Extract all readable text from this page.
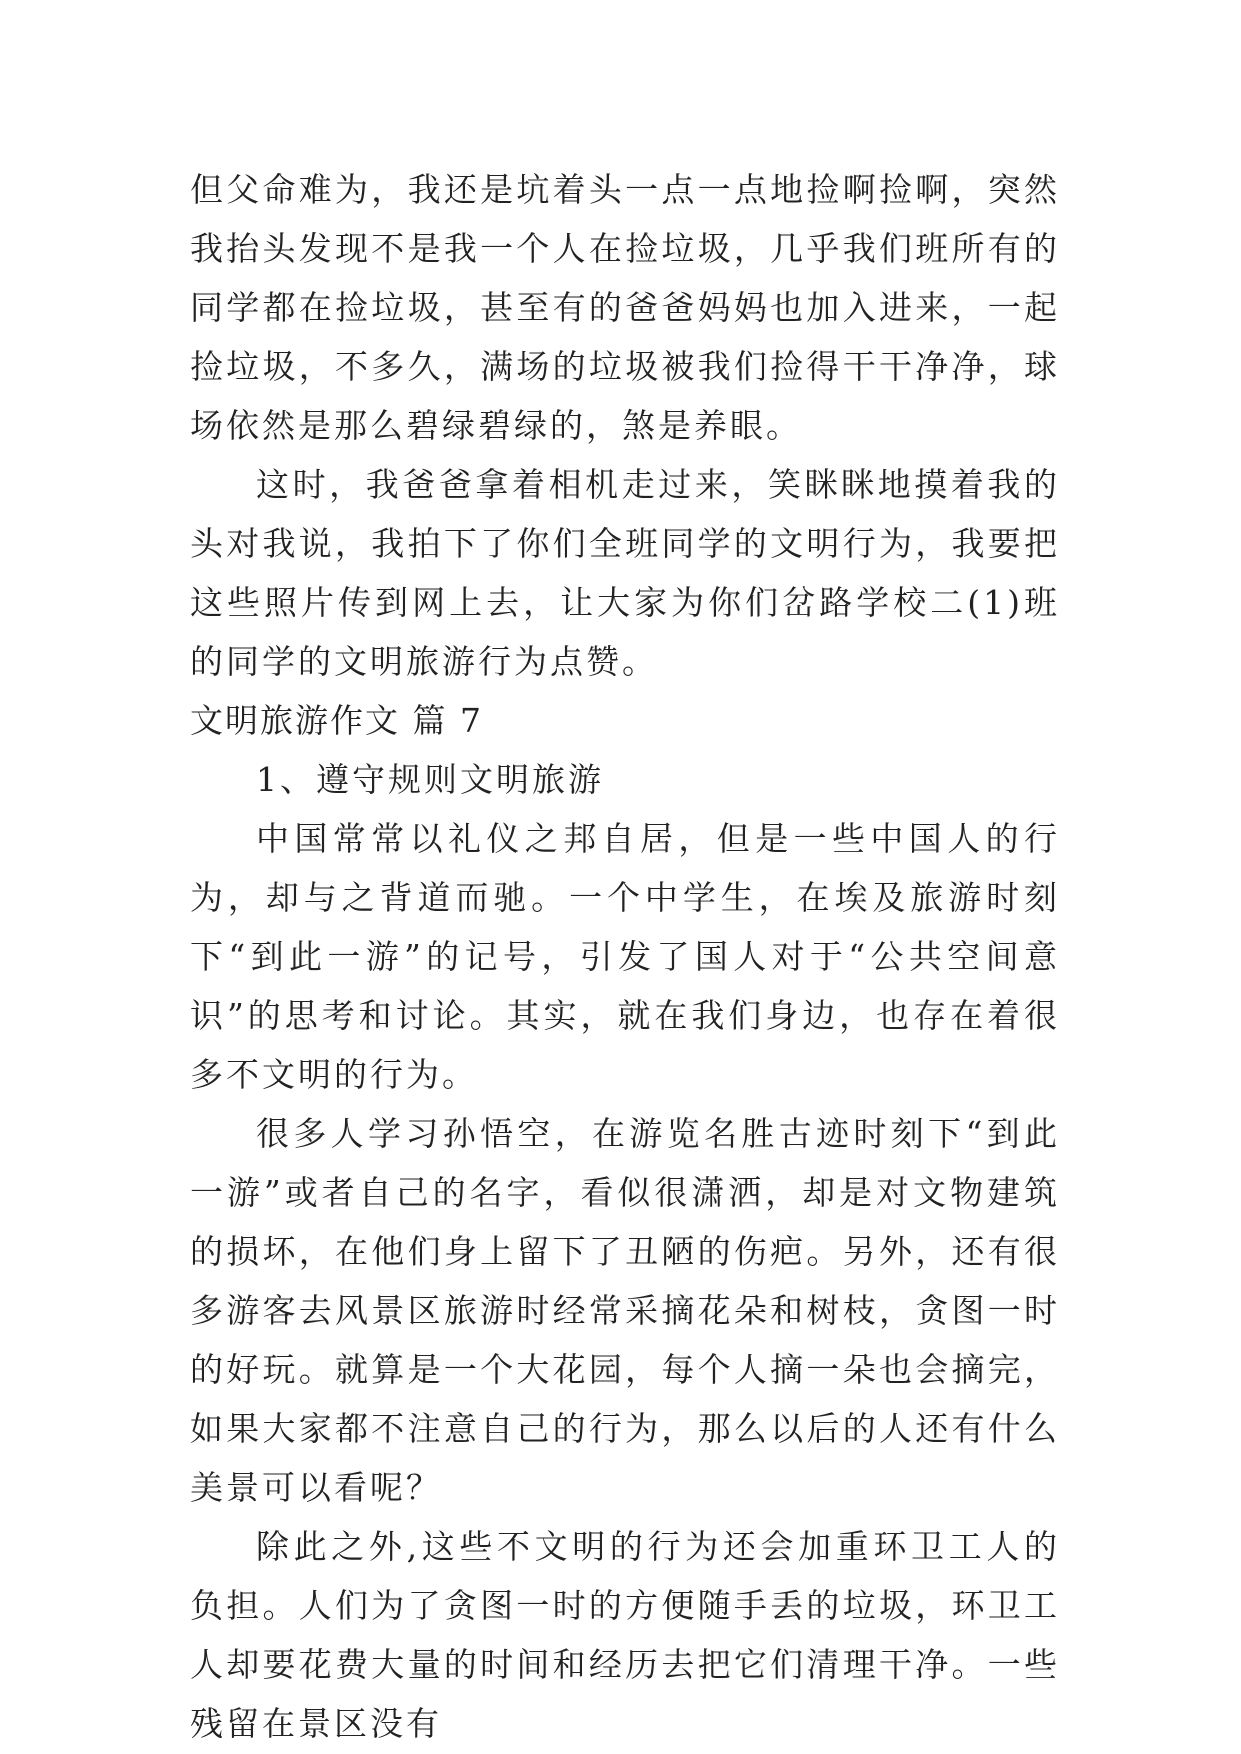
但父命难为，我还是坑着头一点一点地捡啊捡啊，突然我抬头发现不是我一个人在捡垃圾，几乎我们班所有的同学都在捡垃圾，甚至有的爸爸妈妈也加入进来，一起捡垃圾，不多久，满场的垃圾被我们捡得干干净净，球场依然是那么碧绿碧绿的，煞是养眼。

这时，我爸爸拿着相机走过来，笑眯眯地摸着我的头对我说，我拍下了你们全班同学的文明行为，我要把这些照片传到网上去，让大家为你们岔路学校二(1)班的同学的文明旅游行为点赞。

文明旅游作文 篇 7

1、遵守规则文明旅游

中国常常以礼仪之邦自居，但是一些中国人的行为，却与之背道而驰。一个中学生，在埃及旅游时刻下“到此一游”的记号，引发了国人对于“公共空间意识”的思考和讨论。其实，就在我们身边，也存在着很多不文明的行为。

很多人学习孙悟空，在游览名胜古迹时刻下“到此一游”或者自己的名字，看似很潇洒，却是对文物建筑的损坏，在他们身上留下了丑陋的伤疤。另外，还有很多游客去风景区旅游时经常采摘花朵和树枝，贪图一时的好玩。就算是一个大花园，每个人摘一朵也会摘完，如果大家都不注意自己的行为，那么以后的人还有什么美景可以看呢？

除此之外,这些不文明的行为还会加重环卫工人的负担。人们为了贪图一时的方便随手丢的垃圾，环卫工人却要花费大量的时间和经历去把它们清理干净。一些残留在景区没有
